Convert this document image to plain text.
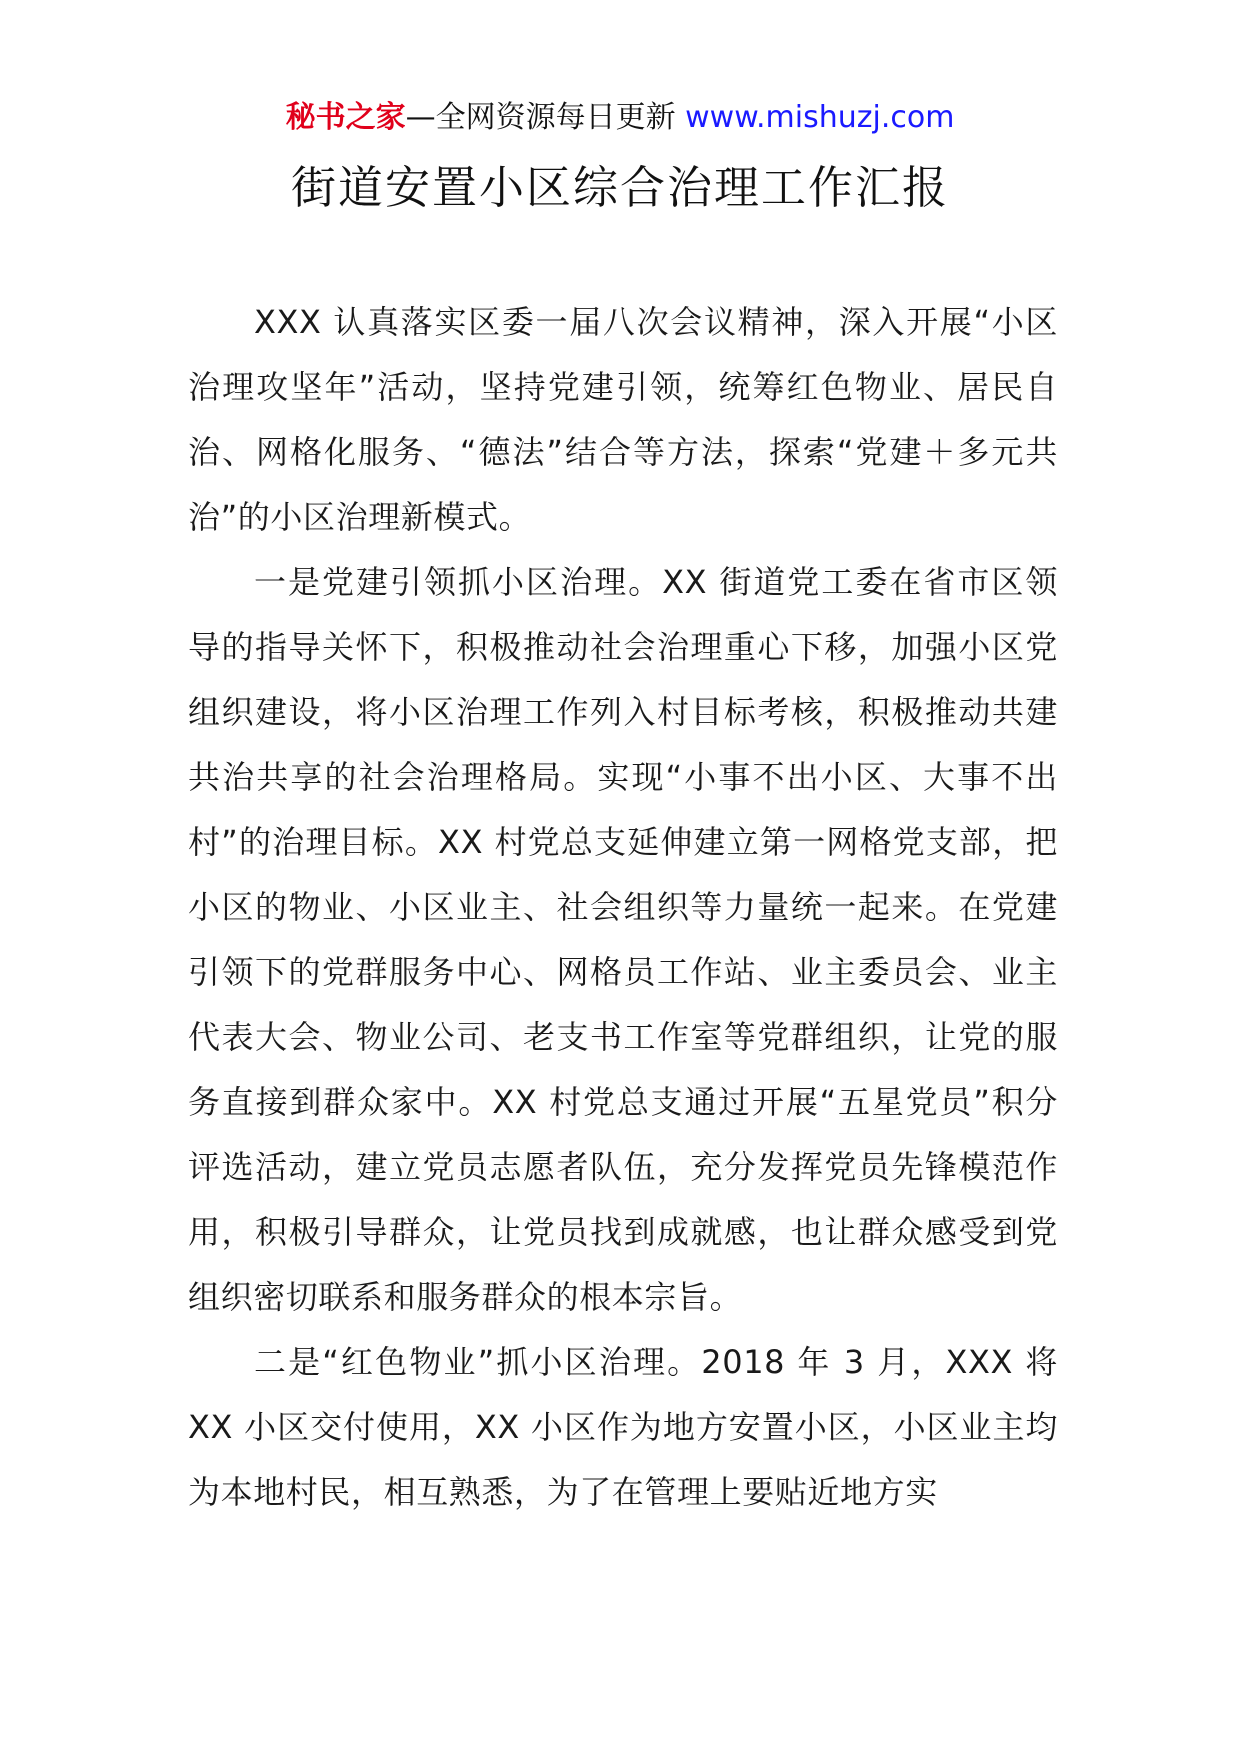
秘书之家—全网资源每日更新 www.mishuzj.com
街道安置小区综合治理工作汇报

XXX 认真落实区委一届八次会议精神，深入开展“小区治理攻坚年”活动，坚持党建引领，统筹红色物业、居民自治、网格化服务、“德法”结合等方法，探索“党建＋多元共治”的小区治理新模式。

一是党建引领抓小区治理。XX 街道党工委在省市区领导的指导关怀下，积极推动社会治理重心下移，加强小区党组织建设，将小区治理工作列入村目标考核，积极推动共建共治共享的社会治理格局。实现“小事不出小区、大事不出村”的治理目标。XX 村党总支延伸建立第一网格党支部，把小区的物业、小区业主、社会组织等力量统一起来。在党建引领下的党群服务中心、网格员工作站、业主委员会、业主代表大会、物业公司、老支书工作室等党群组织，让党的服务直接到群众家中。XX 村党总支通过开展“五星党员”积分评选活动，建立党员志愿者队伍，充分发挥党员先锋模范作用，积极引导群众，让党员找到成就感，也让群众感受到党组织密切联系和服务群众的根本宗旨。

二是“红色物业”抓小区治理。2018 年 3 月，XXX 将 XX 小区交付使用，XX 小区作为地方安置小区，小区业主均为本地村民，相互熟悉，为了在管理上要贴近地方实
